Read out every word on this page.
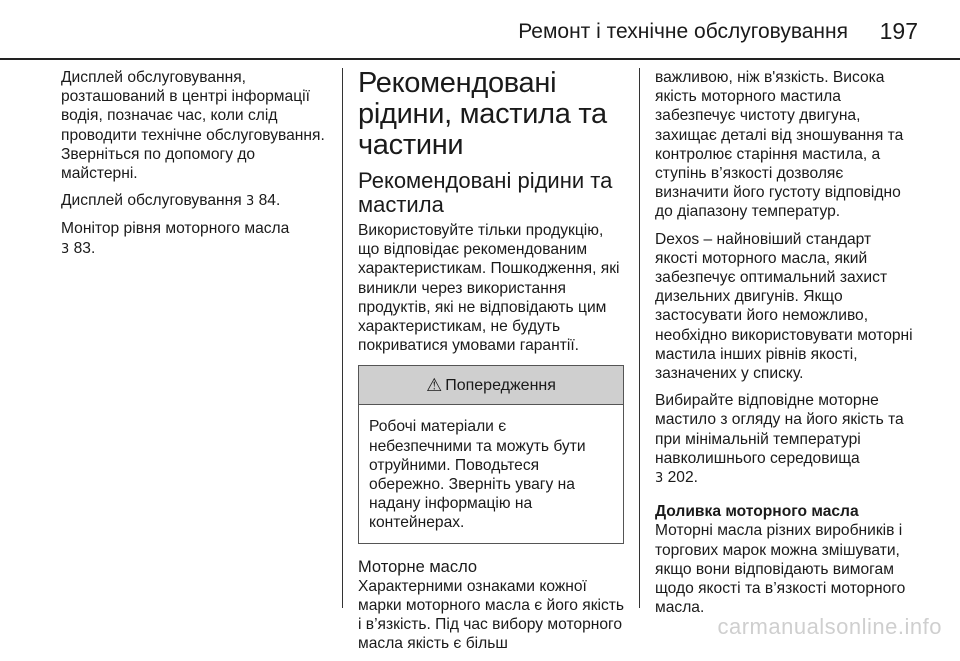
Ремонт і технічне обслуговування 197

Дисплей обслуговування, розташований в центрі інформації водія, позначає час, коли слід проводити технічне обслуговування. Зверніться по допомогу до майстерні.

Дисплей обслуговування 3 84.

Монітор рівня моторного масла
3 83.

Рекомендовані рідини, мастила та частини
Рекомендовані рідини та мастила

Використовуйте тільки продукцію, що відповідає рекомендованим характеристикам. Пошкодження, які виникли через використання продуктів, які не відповідають цим характеристикам, не будуть покриватися умовами гарантії.

⚠ Попередження
Робочі матеріали є небезпечними та можуть бути отруйними. Поводьтеся обережно. Зверніть увагу на надану інформацію на контейнерах.
Моторне масло

Характерними ознаками кожної марки моторного масла є його якість і в’язкість. Під час вибору моторного масла якість є більш

важливою, ніж в'язкість. Висока якість моторного мастила забезпечує чистоту двигуна, захищає деталі від зношування та контролює старіння мастила, а ступінь в’язкості дозволяє визначити його густоту відповідно до діапазону температур.

Dexos – найновіший стандарт якості моторного масла, який забезпечує оптимальний захист дизельних двигунів. Якщо застосувати його неможливо, необхідно використовувати моторні мастила інших рівнів якості, зазначених у списку.

Вибирайте відповідне моторне мастило з огляду на його якість та при мінімальній температурі навколишнього середовища
3 202.

Доливка моторного масла

Моторні масла різних виробників і торгових марок можна змішувати, якщо вони відповідають вимогам щодо якості та в’язкості моторного масла.

carmanualsonline.info
